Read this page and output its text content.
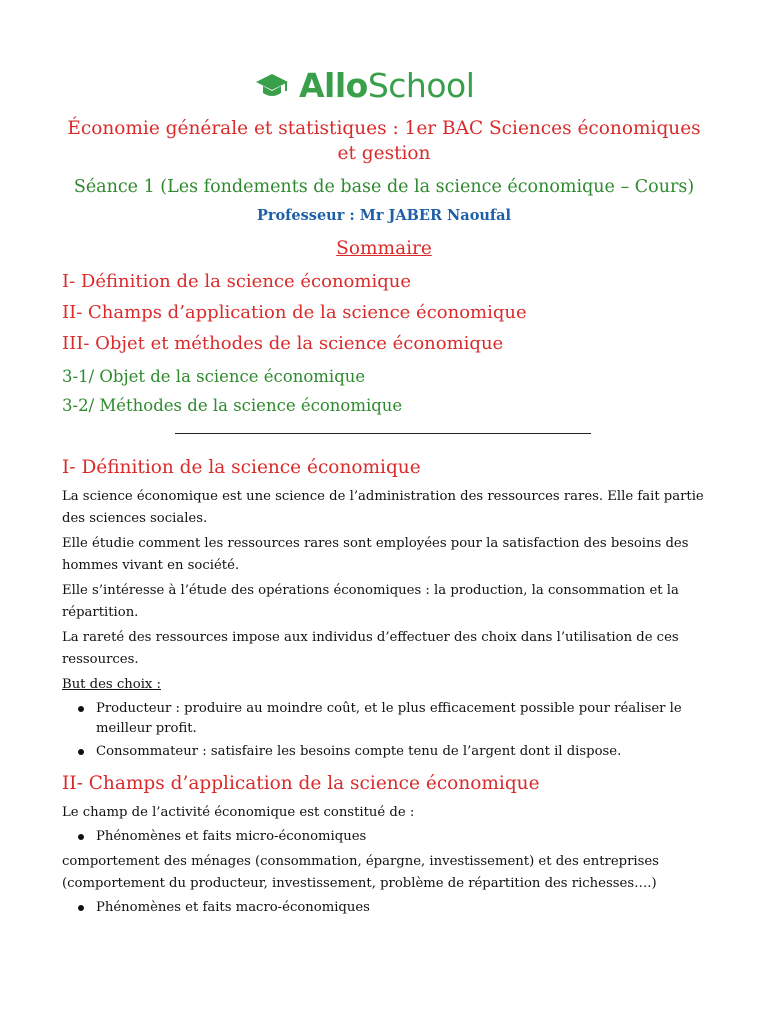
AlloSchool
Économie générale et statistiques : 1er BAC Sciences économiques
et gestion
Séance 1 (Les fondements de base de la science économique – Cours)
Professeur : Mr JABER Naoufal
Sommaire
I- Définition de la science économique
II- Champs d’application de la science économique
III- Objet et méthodes de la science économique
3-1/ Objet de la science économique
3-2/ Méthodes de la science économique
I- Définition de la science économique

La science économique est une science de l’administration des ressources rares. Elle fait partie des sciences sociales.

Elle étudie comment les ressources rares sont employées pour la satisfaction des besoins des hommes vivant en société.

Elle s’intéresse à l’étude des opérations économiques : la production, la consommation et la répartition.

La rareté des ressources impose aux individus d’effectuer des choix dans l’utilisation de ces ressources.

But des choix :

Producteur : produire au moindre coût, et le plus efficacement possible pour réaliser le meilleur profit.
Consommateur : satisfaire les besoins compte tenu de l’argent dont il dispose.
II- Champs d’application de la science économique

Le champ de l’activité économique est constitué de :

Phénomènes et faits micro-économiques

comportement des ménages (consommation, épargne, investissement) et des entreprises (comportement du producteur, investissement, problème de répartition des richesses….)

Phénomènes et faits macro-économiques
